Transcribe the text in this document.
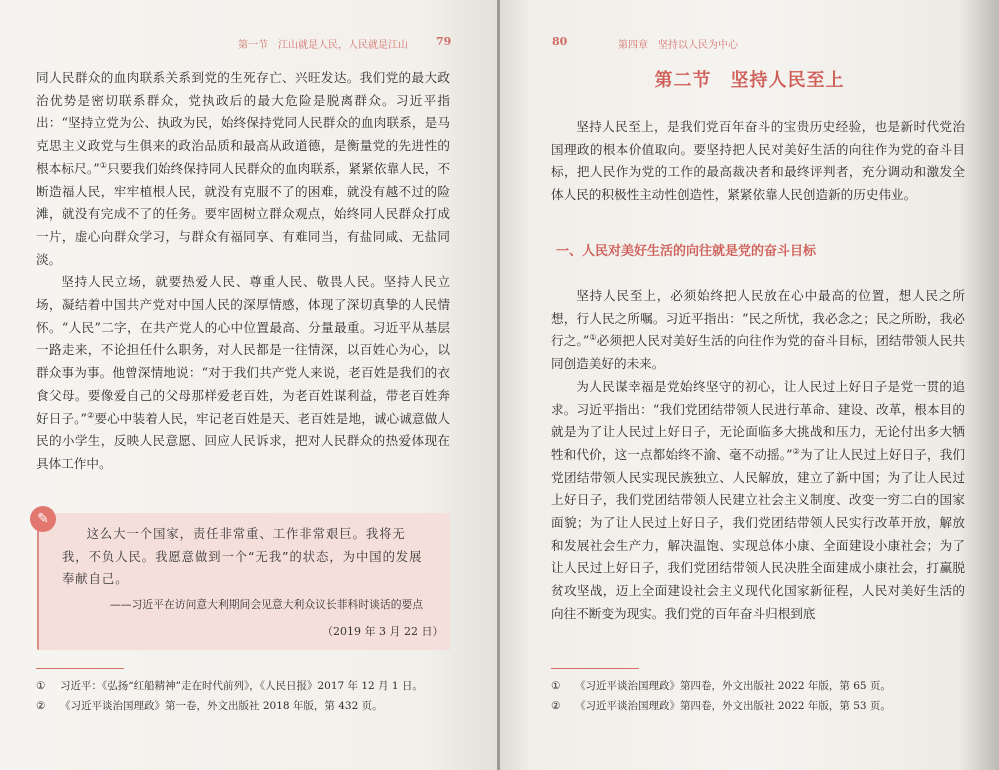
第一节　江山就是人民，人民就是江山	79

同人民群众的血肉联系关系到党的生死存亡、兴旺发达。我们党的最大政治优势是密切联系群众，党执政后的最大危险是脱离群众。习近平指出：“坚持立党为公、执政为民，始终保持党同人民群众的血肉联系，是马克思主义政党与生俱来的政治品质和最高从政道德，是衡量党的先进性的根本标尺。”①只要我们始终保持同人民群众的血肉联系，紧紧依靠人民，不断造福人民，牢牢植根人民，就没有克服不了的困难，就没有越不过的险滩，就没有完成不了的任务。要牢固树立群众观点，始终同人民群众打成一片，虚心向群众学习，与群众有福同享、有难同当，有盐同咸、无盐同淡。

坚持人民立场，就要热爱人民、尊重人民、敬畏人民。坚持人民立场，凝结着中国共产党对中国人民的深厚情感，体现了深切真挚的人民情怀。“人民”二字，在共产党人的心中位置最高、分量最重。习近平从基层一路走来，不论担任什么职务，对人民都是一往情深，以百姓心为心，以群众事为事。他曾深情地说：“对于我们共产党人来说，老百姓是我们的衣食父母。要像爱自己的父母那样爱老百姓，为老百姓谋利益，带老百姓奔好日子。”②要心中装着人民，牢记老百姓是天、老百姓是地，诚心诚意做人民的小学生，反映人民意愿、回应人民诉求，把对人民群众的热爱体现在具体工作中。

✎

这么大一个国家，责任非常重、工作非常艰巨。我将无我，不负人民。我愿意做到一个“无我”的状态，为中国的发展奉献自己。

——习近平在访问意大利期间会见意大利众议长菲科时谈话的要点
（2019 年 3 月 22 日）
① 习近平：《弘扬“红船精神”走在时代前列》，《人民日报》2017 年 12 月 1 日。
② 《习近平谈治国理政》第一卷，外文出版社 2018 年版，第 432 页。
80	第四章　坚持以人民为中心
第二节　坚持人民至上

坚持人民至上，是我们党百年奋斗的宝贵历史经验，也是新时代党治国理政的根本价值取向。要坚持把人民对美好生活的向往作为党的奋斗目标，把人民作为党的工作的最高裁决者和最终评判者，充分调动和激发全体人民的积极性主动性创造性，紧紧依靠人民创造新的历史伟业。

一、人民对美好生活的向往就是党的奋斗目标

坚持人民至上，必须始终把人民放在心中最高的位置，想人民之所想，行人民之所嘱。习近平指出：“民之所忧，我必念之；民之所盼，我必行之。”①必须把人民对美好生活的向往作为党的奋斗目标，团结带领人民共同创造美好的未来。

为人民谋幸福是党始终坚守的初心，让人民过上好日子是党一贯的追求。习近平指出：“我们党团结带领人民进行革命、建设、改革，根本目的就是为了让人民过上好日子，无论面临多大挑战和压力，无论付出多大牺牲和代价，这一点都始终不渝、毫不动摇。”②为了让人民过上好日子，我们党团结带领人民实现民族独立、人民解放，建立了新中国；为了让人民过上好日子，我们党团结带领人民建立社会主义制度、改变一穷二白的国家面貌；为了让人民过上好日子，我们党团结带领人民实行改革开放，解放和发展社会生产力，解决温饱、实现总体小康、全面建设小康社会；为了让人民过上好日子，我们党团结带领人民决胜全面建成小康社会，打赢脱贫攻坚战，迈上全面建设社会主义现代化国家新征程，人民对美好生活的向往不断变为现实。我们党的百年奋斗归根到底

① 《习近平谈治国理政》第四卷，外文出版社 2022 年版，第 65 页。
② 《习近平谈治国理政》第四卷，外文出版社 2022 年版，第 53 页。
